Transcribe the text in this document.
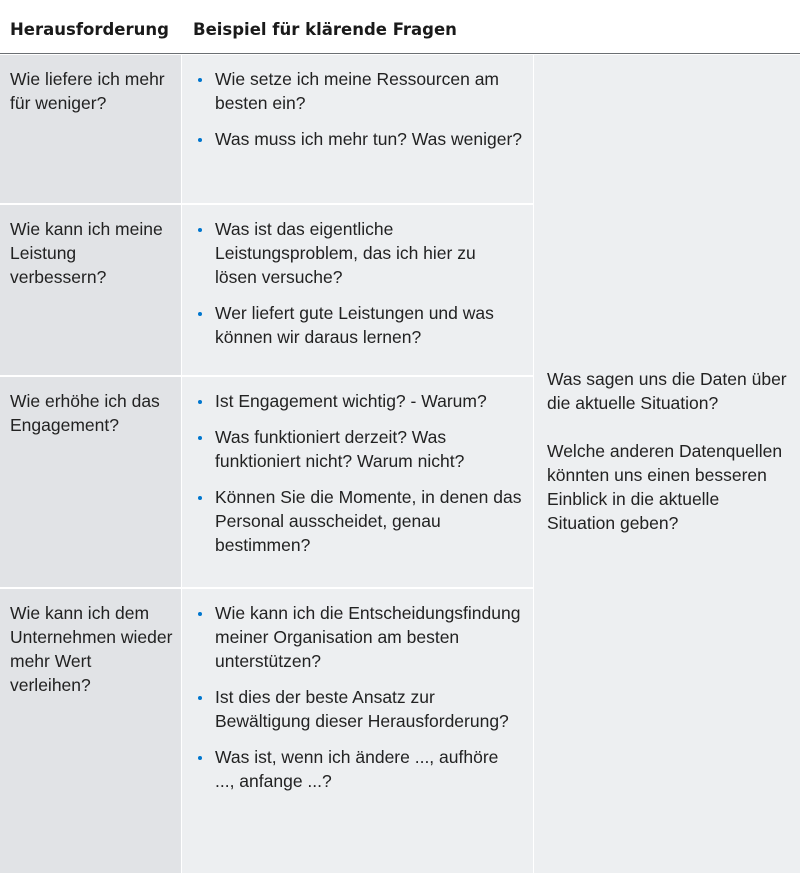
Herausforderung Beispiel für klärende Fragen
Wie liefere ich mehr für weniger?
Wie setze ich meine Ressourcen am besten ein?
Was muss ich mehr tun? Was weniger?
Wie kann ich meine Leistung verbessern?
Was ist das eigentliche Leistungsproblem, das ich hier zu lösen versuche?
Wer liefert gute Leistungen und was können wir daraus lernen?
Wie erhöhe ich das Engagement?
Ist Engagement wichtig? - Warum?
Was funktioniert derzeit? Was funktioniert nicht? Warum nicht?
Können Sie die Momente, in denen das Personal ausscheidet, genau bestimmen?
Wie kann ich dem Unternehmen wieder mehr Wert verleihen?
Wie kann ich die Entscheidungsfindung meiner Organisation am besten unterstützen?
Ist dies der beste Ansatz zur Bewältigung dieser Herausforderung?
Was ist, wenn ich ändere ..., aufhöre ..., anfange ...?

Was sagen uns die Daten über die aktuelle Situation?

Welche anderen Datenquellen könnten uns einen besseren Einblick in die aktuelle Situation geben?
